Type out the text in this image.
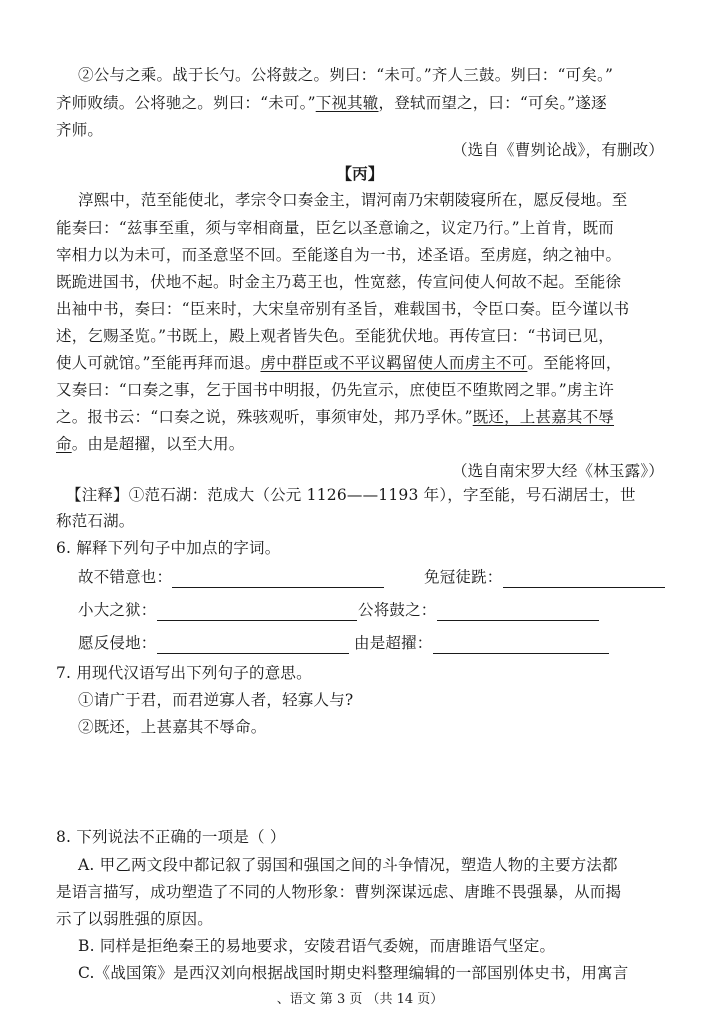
②公与之乘。战于长勺。公将鼓之。刿曰：“未可。”齐人三鼓。刿曰：“可矣。”
齐师败绩。公将驰之。刿曰：“未可。”下视其辙，登轼而望之，曰：“可矣。”遂逐
齐师。
（选自《曹刿论战》，有删改）
【丙】
淳熙中，范至能使北，孝宗令口奏金主，谓河南乃宋朝陵寝所在，愿反侵地。至
能奏曰：“兹事至重，须与宰相商量，臣乞以圣意谕之，议定乃行。”上首肯，既而
宰相力以为未可，而圣意坚不回。至能遂自为一书，述圣语。至虏庭，纳之袖中。
既跪进国书，伏地不起。时金主乃葛王也，性宽慈，传宣问使人何故不起。至能徐
出袖中书，奏曰：“臣来时，大宋皇帝别有圣旨，难载国书，令臣口奏。臣今谨以书
述，乞赐圣览。”书既上，殿上观者皆失色。至能犹伏地。再传宣曰：“书词已见，
使人可就馆。”至能再拜而退。虏中群臣或不平议羁留使人而虏主不可。至能将回，
又奏曰：“口奏之事，乞于国书中明报，仍先宣示，庶使臣不堕欺罔之罪。”虏主许
之。报书云：“口奏之说，殊骇观听，事须审处，邦乃孚休。”既还，上甚嘉其不辱
命。由是超擢，以至大用。
（选自南宋罗大经《林玉露》）
【注释】①范石湖：范成大（公元 1126——1193 年），字至能，号石湖居士，世
称范石湖。
6. 解释下列句子中加点的字词。
故不错意也：	免冠徒跣：
小大之狱：	公将鼓之：
愿反侵地：	由是超擢：
7. 用现代汉语写出下列句子的意思。
①请广于君，而君逆寡人者，轻寡人与?
②既还，上甚嘉其不辱命。
8. 下列说法不正确的一项是（ ）
A. 甲乙两文段中都记叙了弱国和强国之间的斗争情况，塑造人物的主要方法都
是语言描写，成功塑造了不同的人物形象：曹刿深谋远虑、唐雎不畏强暴，从而揭
示了以弱胜强的原因。
B. 同样是拒绝秦王的易地要求，安陵君语气委婉，而唐雎语气坚定。
C.《战国策》是西汉刘向根据战国时期史料整理编辑的一部国别体史书，用寓言
、语文 第 3 页 （共 14 页）
